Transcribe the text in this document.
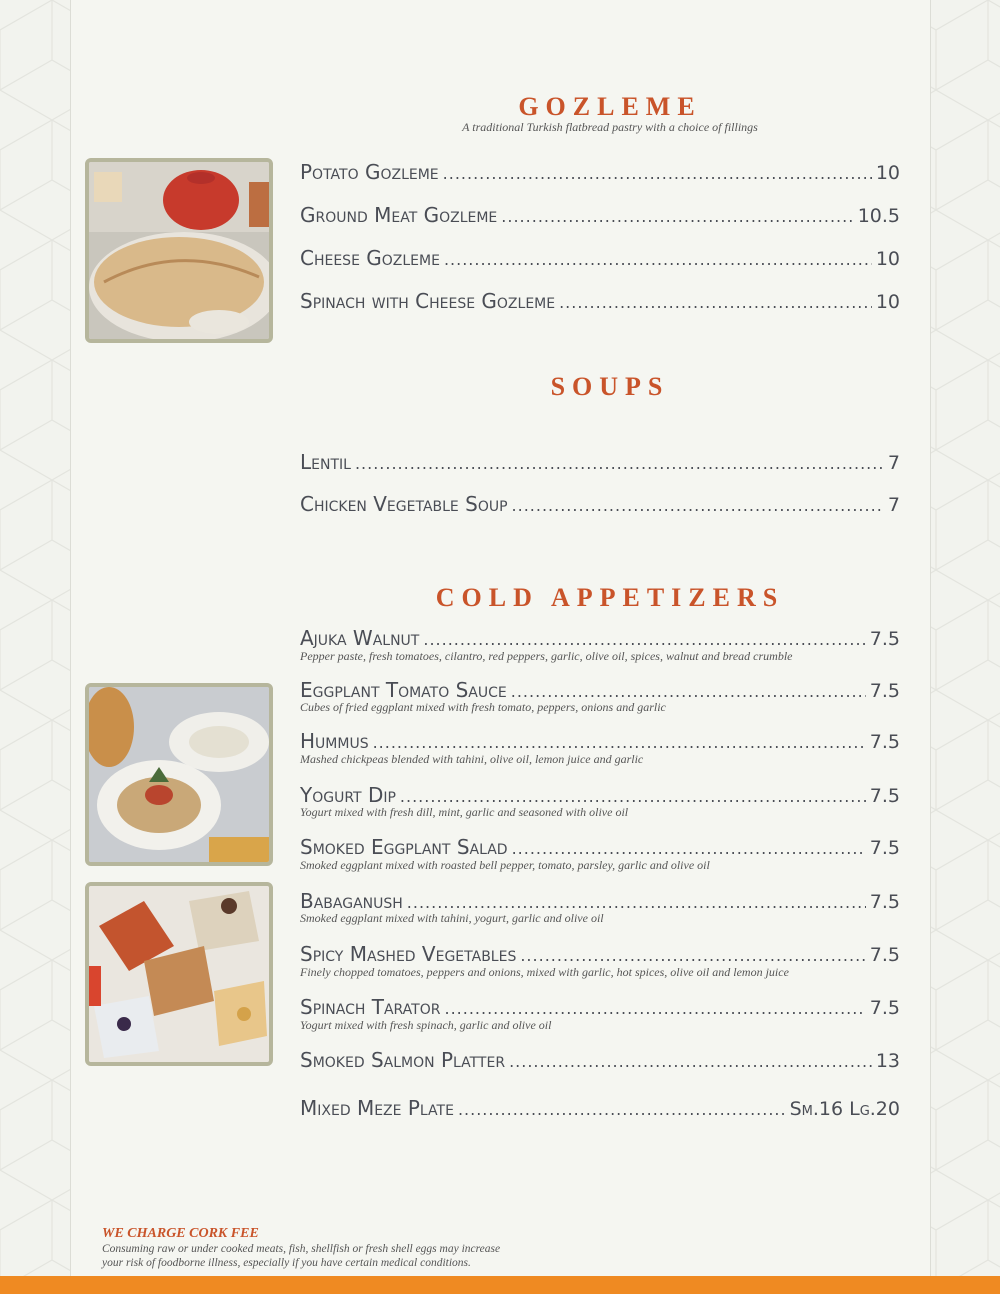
GOZLEME
A traditional Turkish flatbread pastry with a choice of fillings
Potato Gozleme .....	10
Ground Meat Gozleme .....	10.5
Cheese Gozleme .....	10
Spinach with Cheese Gozleme .....	10
SOUPS
Lentil .....	7
Chicken Vegetable Soup .....	7
COLD APPETIZERS
Ajuka Walnut .....	7.5
Pepper paste, fresh tomatoes, cilantro, red peppers, garlic, olive oil, spices, walnut and bread crumble
Eggplant Tomato Sauce .....	7.5
Cubes of fried eggplant mixed with fresh tomato, peppers, onions and garlic
Hummus .....	7.5
Mashed chickpeas blended with tahini, olive oil, lemon juice and garlic
Yogurt Dip .....	7.5
Yogurt mixed with fresh dill, mint, garlic and seasoned with olive oil
Smoked Eggplant Salad .....	7.5
Smoked eggplant mixed with roasted bell pepper, tomato, parsley, garlic and olive oil
Babaganush .....	7.5
Smoked eggplant mixed with tahini, yogurt, garlic and olive oil
Spicy Mashed Vegetables .....	7.5
Finely chopped tomatoes, peppers and onions, mixed with garlic, hot spices, olive oil and lemon juice
Spinach Tarator .....	7.5
Yogurt mixed with fresh spinach, garlic and olive oil
Smoked Salmon Platter .....	13
Mixed Meze Plate .....	Sm.16 Lg.20
WE CHARGE CORK FEE
Consuming raw or under cooked meats, fish, shellfish or fresh shell eggs may increase
your risk of foodborne illness, especially if you have certain medical conditions.
